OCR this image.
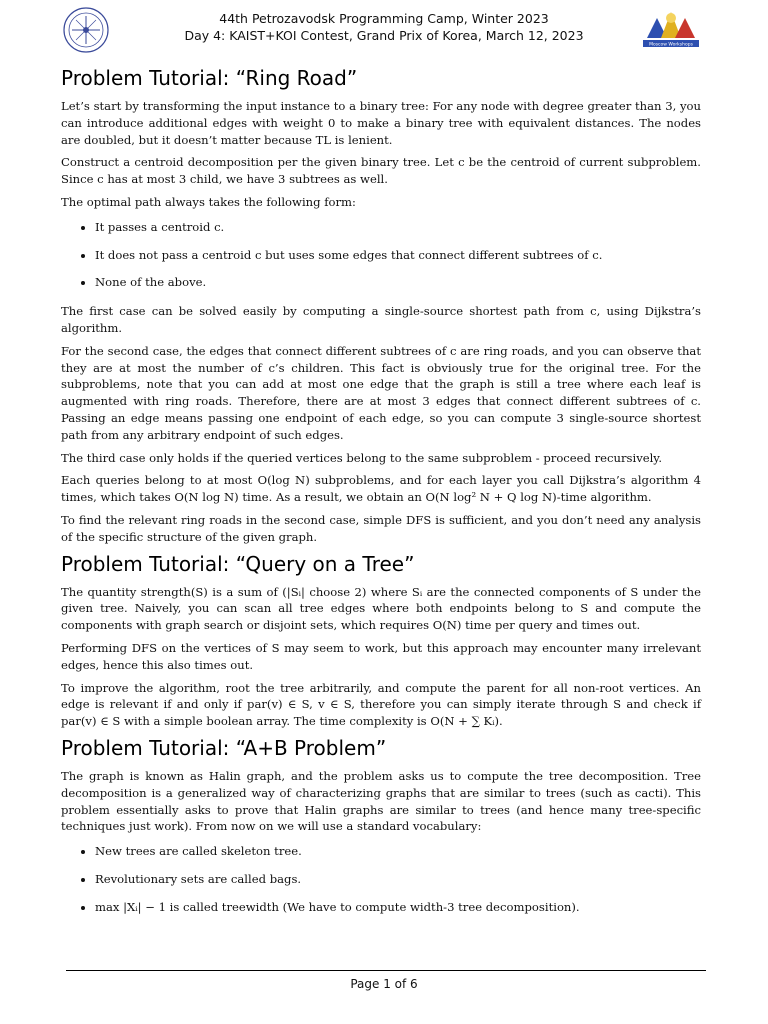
44th Petrozavodsk Programming Camp, Winter 2023
Day 4: KAIST+KOI Contest, Grand Prix of Korea, March 12, 2023
Moscow Workshops
Problem Tutorial: “Ring Road”

Let’s start by transforming the input instance to a binary tree: For any node with degree greater than 3, you can introduce additional edges with weight 0 to make a binary tree with equivalent distances. The nodes are doubled, but it doesn’t matter because TL is lenient.

Construct a centroid decomposition per the given binary tree. Let c be the centroid of current subproblem. Since c has at most 3 child, we have 3 subtrees as well.

The optimal path always takes the following form:

• It passes a centroid c.
• It does not pass a centroid c but uses some edges that connect different subtrees of c.
• None of the above.

The first case can be solved easily by computing a single-source shortest path from c, using Dijkstra’s algorithm.

For the second case, the edges that connect different subtrees of c are ring roads, and you can observe that they are at most the number of c’s children. This fact is obviously true for the original tree. For the subproblems, note that you can add at most one edge that the graph is still a tree where each leaf is augmented with ring roads. Therefore, there are at most 3 edges that connect different subtrees of c. Passing an edge means passing one endpoint of each edge, so you can compute 3 single-source shortest path from any arbitrary endpoint of such edges.

The third case only holds if the queried vertices belong to the same subproblem - proceed recursively.

Each queries belong to at most O(log N) subproblems, and for each layer you call Dijkstra’s algorithm 4 times, which takes O(N log N) time. As a result, we obtain an O(N log² N + Q log N)-time algorithm.

To find the relevant ring roads in the second case, simple DFS is sufficient, and you don’t need any analysis of the specific structure of the given graph.

Problem Tutorial: “Query on a Tree”

The quantity strength(S) is a sum of (|Sᵢ| choose 2) where Sᵢ are the connected components of S under the given tree. Naively, you can scan all tree edges where both endpoints belong to S and compute the components with graph search or disjoint sets, which requires O(N) time per query and times out.

Performing DFS on the vertices of S may seem to work, but this approach may encounter many irrelevant edges, hence this also times out.

To improve the algorithm, root the tree arbitrarily, and compute the parent for all non-root vertices. An edge is relevant if and only if par(v) ∈ S, v ∈ S, therefore you can simply iterate through S and check if par(v) ∈ S with a simple boolean array. The time complexity is O(N + ∑ Kᵢ).

Problem Tutorial: “A+B Problem”

The graph is known as Halin graph, and the problem asks us to compute the tree decomposition. Tree decomposition is a generalized way of characterizing graphs that are similar to trees (such as cacti). This problem essentially asks to prove that Halin graphs are similar to trees (and hence many tree-specific techniques just work). From now on we will use a standard vocabulary:

• New trees are called skeleton tree.
• Revolutionary sets are called bags.
• max |Xᵢ| − 1 is called treewidth (We have to compute width-3 tree decomposition).
Page 1 of 6
